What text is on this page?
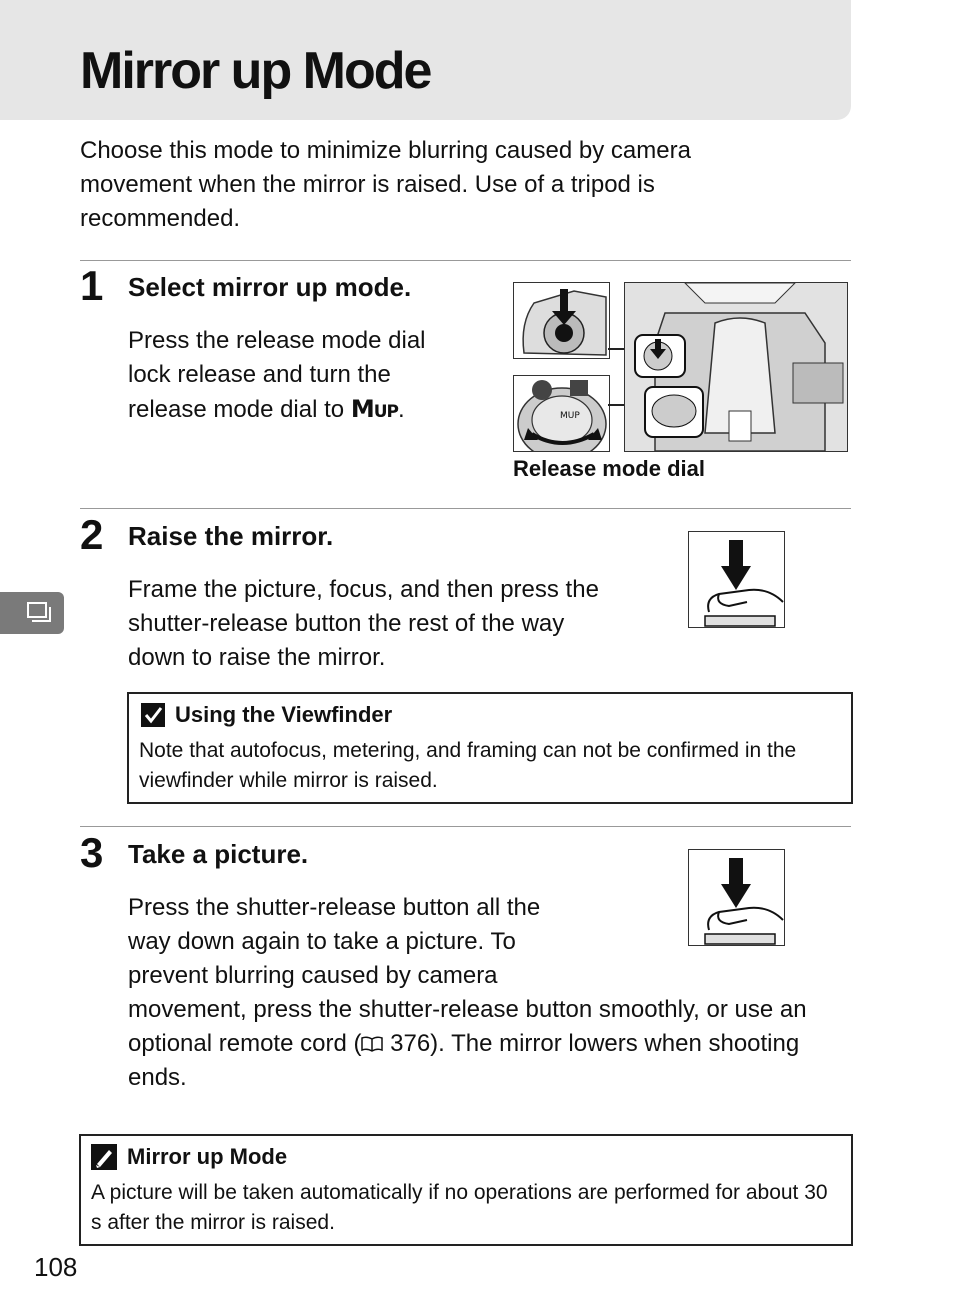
Mirror up Mode

Choose this mode to minimize blurring caused by camera movement when the mirror is raised. Use of a tripod is recommended.

1 Select mirror up mode.

Press the release mode dial lock release and turn the release mode dial to MUP.	MUP
Release mode dial
2 Raise the mirror.

Frame the picture, focus, and then press the shutter-release button the rest of the way down to raise the mirror.

Using the Viewfinder
Note that autofocus, metering, and framing can not be confirmed in the viewfinder while mirror is raised.
3 Take a picture.

Press the shutter-release button all the way down again to take a picture. To prevent blurring caused by camera movement, press the shutter-release button smoothly, or use an optional remote cord ( 376). The mirror lowers when shooting ends.

Mirror up Mode
A picture will be taken automatically if no operations are performed for about 30 s after the mirror is raised.
108
